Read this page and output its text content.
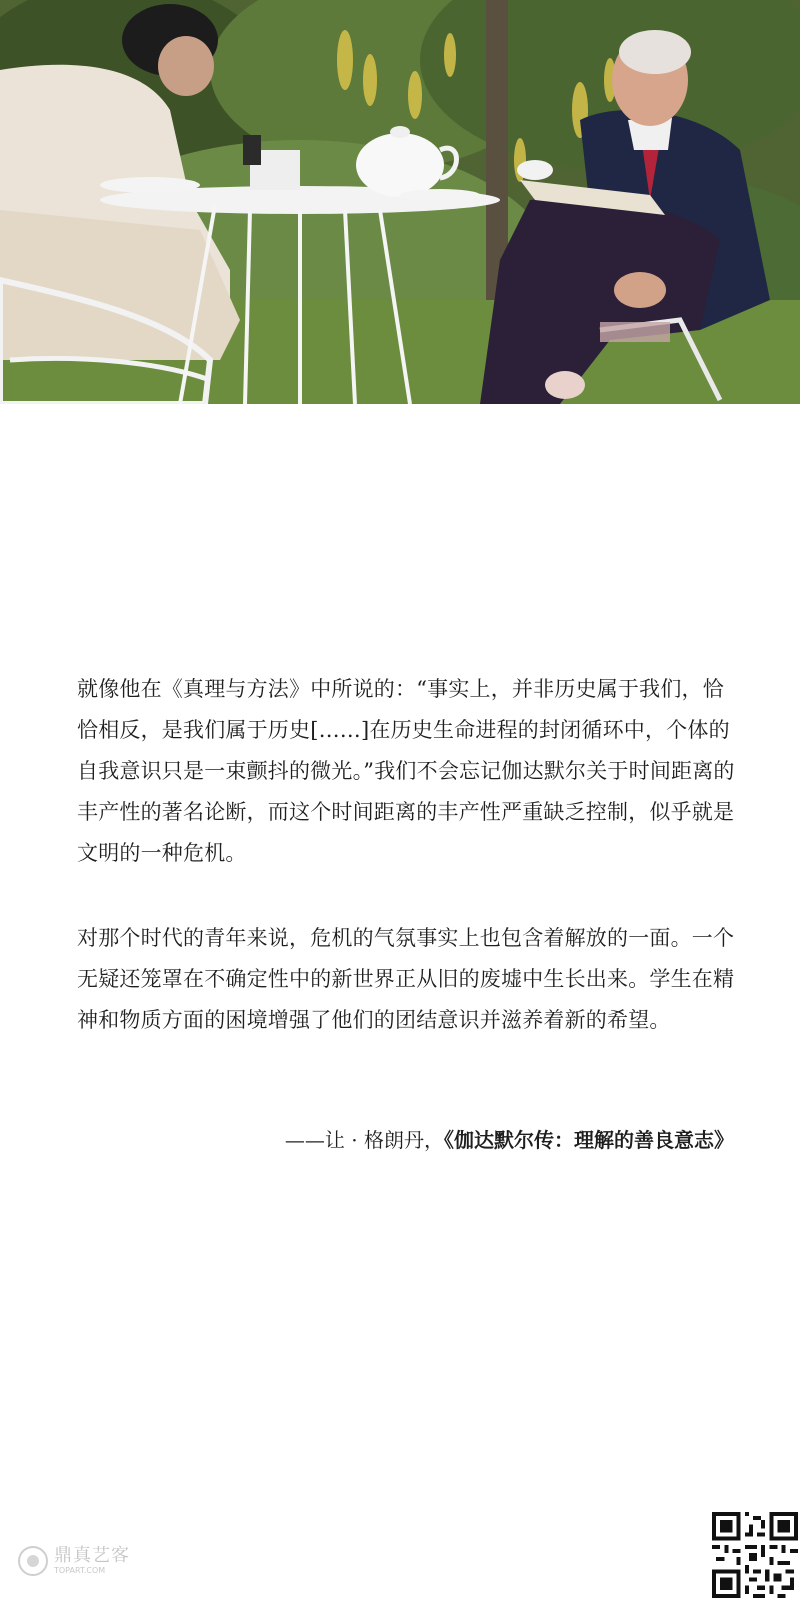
就像他在《真理与方法》中所说的：“事实上，并非历史属于我们，恰恰相反，是我们属于历史[……]在历史生命进程的封闭循环中，个体的自我意识只是一束颤抖的微光。”我们不会忘记伽达默尔关于时间距离的丰产性的著名论断，而这个时间距离的丰产性严重缺乏控制，似乎就是文明的一种危机。
对那个时代的青年来说，危机的气氛事实上也包含着解放的一面。一个无疑还笼罩在不确定性中的新世界正从旧的废墟中生长出来。学生在精神和物质方面的困境增强了他们的团结意识并滋养着新的希望。
——让 · 格朗丹，《伽达默尔传：理解的善良意志》
鼎真艺客
TOPART.COM
